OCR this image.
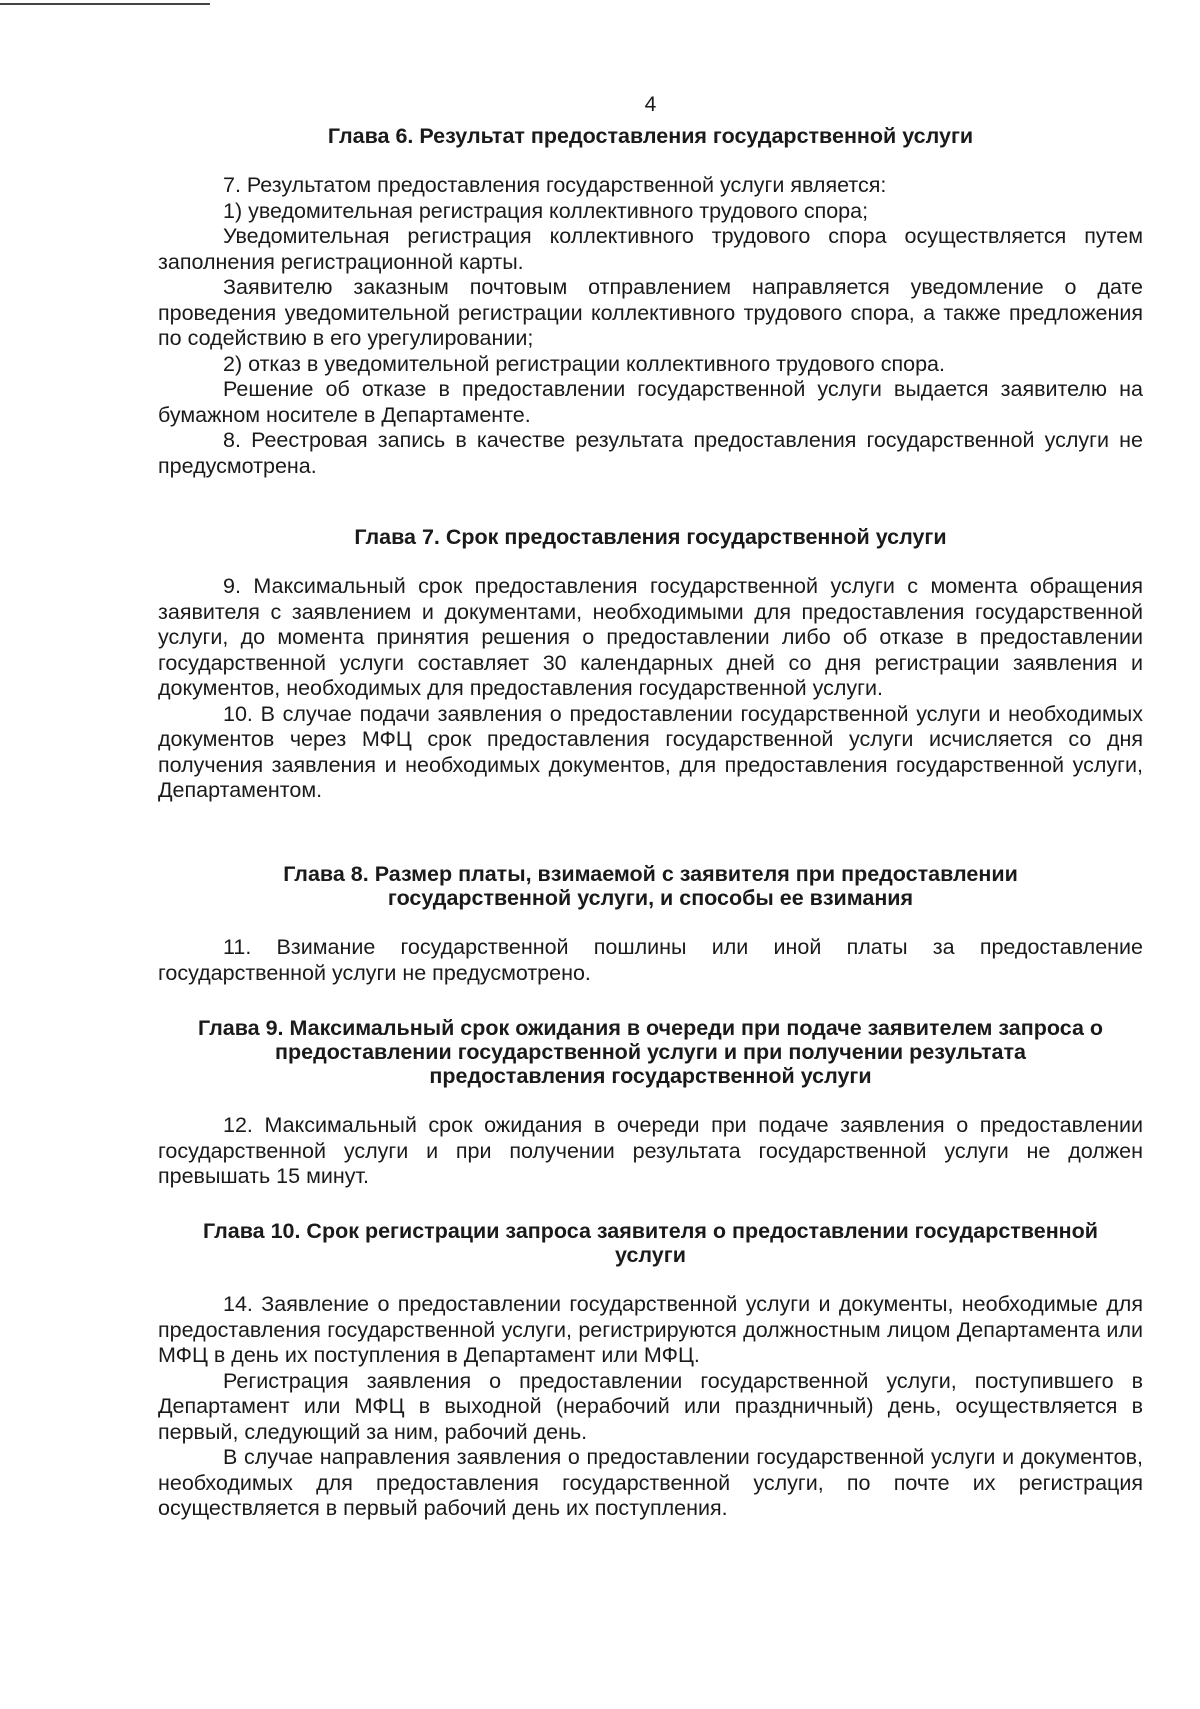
4
Глава 6. Результат предоставления государственной услуги

7. Результатом предоставления государственной услуги является:

1) уведомительная регистрация коллективного трудового спора;

Уведомительная регистрация коллективного трудового спора осуществляется путем заполнения регистрационной карты.

Заявителю заказным почтовым отправлением направляется уведомление о дате проведения уведомительной регистрации коллективного трудового спора, а также предложения по содействию в его урегулировании;

2) отказ в уведомительной регистрации коллективного трудового спора.

Решение об отказе в предоставлении государственной услуги выдается заявителю на бумажном носителе в Департаменте.

8. Реестровая запись в качестве результата предоставления государственной услуги не предусмотрена.

Глава 7. Срок предоставления государственной услуги

9. Максимальный срок предоставления государственной услуги с момента обращения заявителя с заявлением и документами, необходимыми для предоставления государственной услуги, до момента принятия решения о предоставлении либо об отказе в предоставлении государственной услуги составляет 30 календарных дней со дня регистрации заявления и документов, необходимых для предоставления государственной услуги.

10. В случае подачи заявления о предоставлении государственной услуги и необходимых документов через МФЦ срок предоставления государственной услуги исчисляется со дня получения заявления и необходимых документов, для предоставления государственной услуги, Департаментом.

Глава 8. Размер платы, взимаемой с заявителя при предоставлении государственной услуги, и способы ее взимания

11. Взимание государственной пошлины или иной платы за предоставление государственной услуги не предусмотрено.

Глава 9. Максимальный срок ожидания в очереди при подаче заявителем запроса о предоставлении государственной услуги и при получении результата предоставления государственной услуги

12. Максимальный срок ожидания в очереди при подаче заявления о предоставлении государственной услуги и при получении результата государственной услуги не должен превышать 15 минут.

Глава 10. Срок регистрации запроса заявителя о предоставлении государственной услуги

14. Заявление о предоставлении государственной услуги и документы, необходимые для предоставления государственной услуги, регистрируются должностным лицом Департамента или МФЦ в день их поступления в Департамент или МФЦ.

Регистрация заявления о предоставлении государственной услуги, поступившего в Департамент или МФЦ в выходной (нерабочий или праздничный) день, осуществляется в первый, следующий за ним, рабочий день.

В случае направления заявления о предоставлении государственной услуги и документов, необходимых для предоставления государственной услуги, по почте их регистрация осуществляется в первый рабочий день их поступления.
